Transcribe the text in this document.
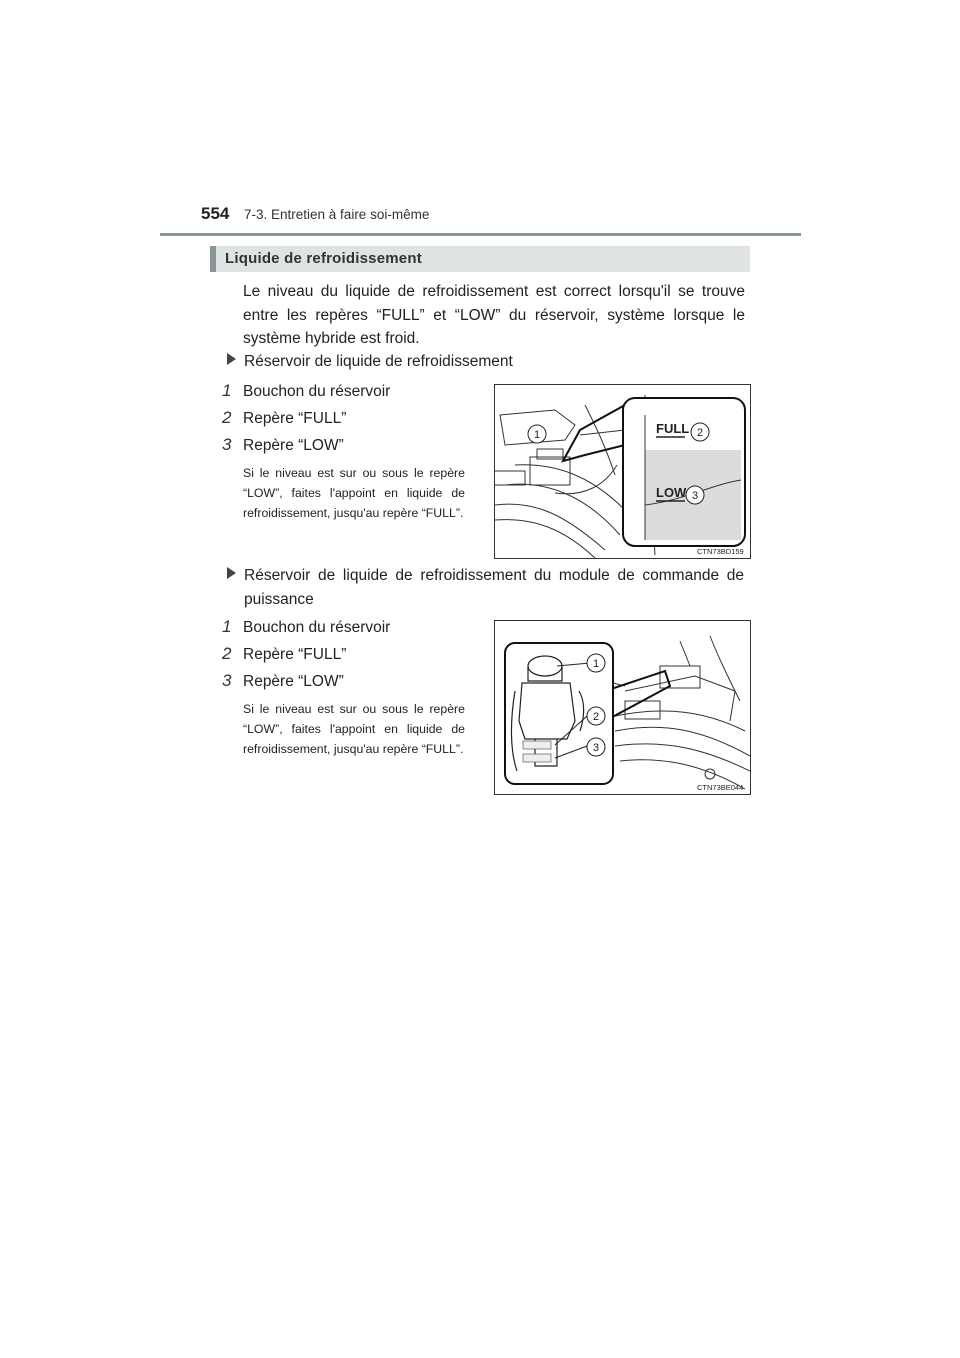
554 7-3. Entretien à faire soi-même
Liquide de refroidissement
Le niveau du liquide de refroidissement est correct lorsqu'il se trouve entre les repères “FULL” et “LOW” du réservoir, système lorsque le système hybride est froid.
Réservoir de liquide de refroidissement
1 Bouchon du réservoir
2 Repère “FULL”
3 Repère “LOW”
Si le niveau est sur ou sous le repère “LOW”, faites l'appoint en liquide de refroidissement, jusqu'au repère “FULL”.
FULL
LOW
1	2
3
CTN73BD159
Réservoir de liquide de refroidissement du module de commande de puissance
1 Bouchon du réservoir
2 Repère “FULL”
3 Repère “LOW”
Si le niveau est sur ou sous le repère “LOW”, faites l'appoint en liquide de refroidissement, jusqu'au repère “FULL”.
1
2
3
CTN73BE044
